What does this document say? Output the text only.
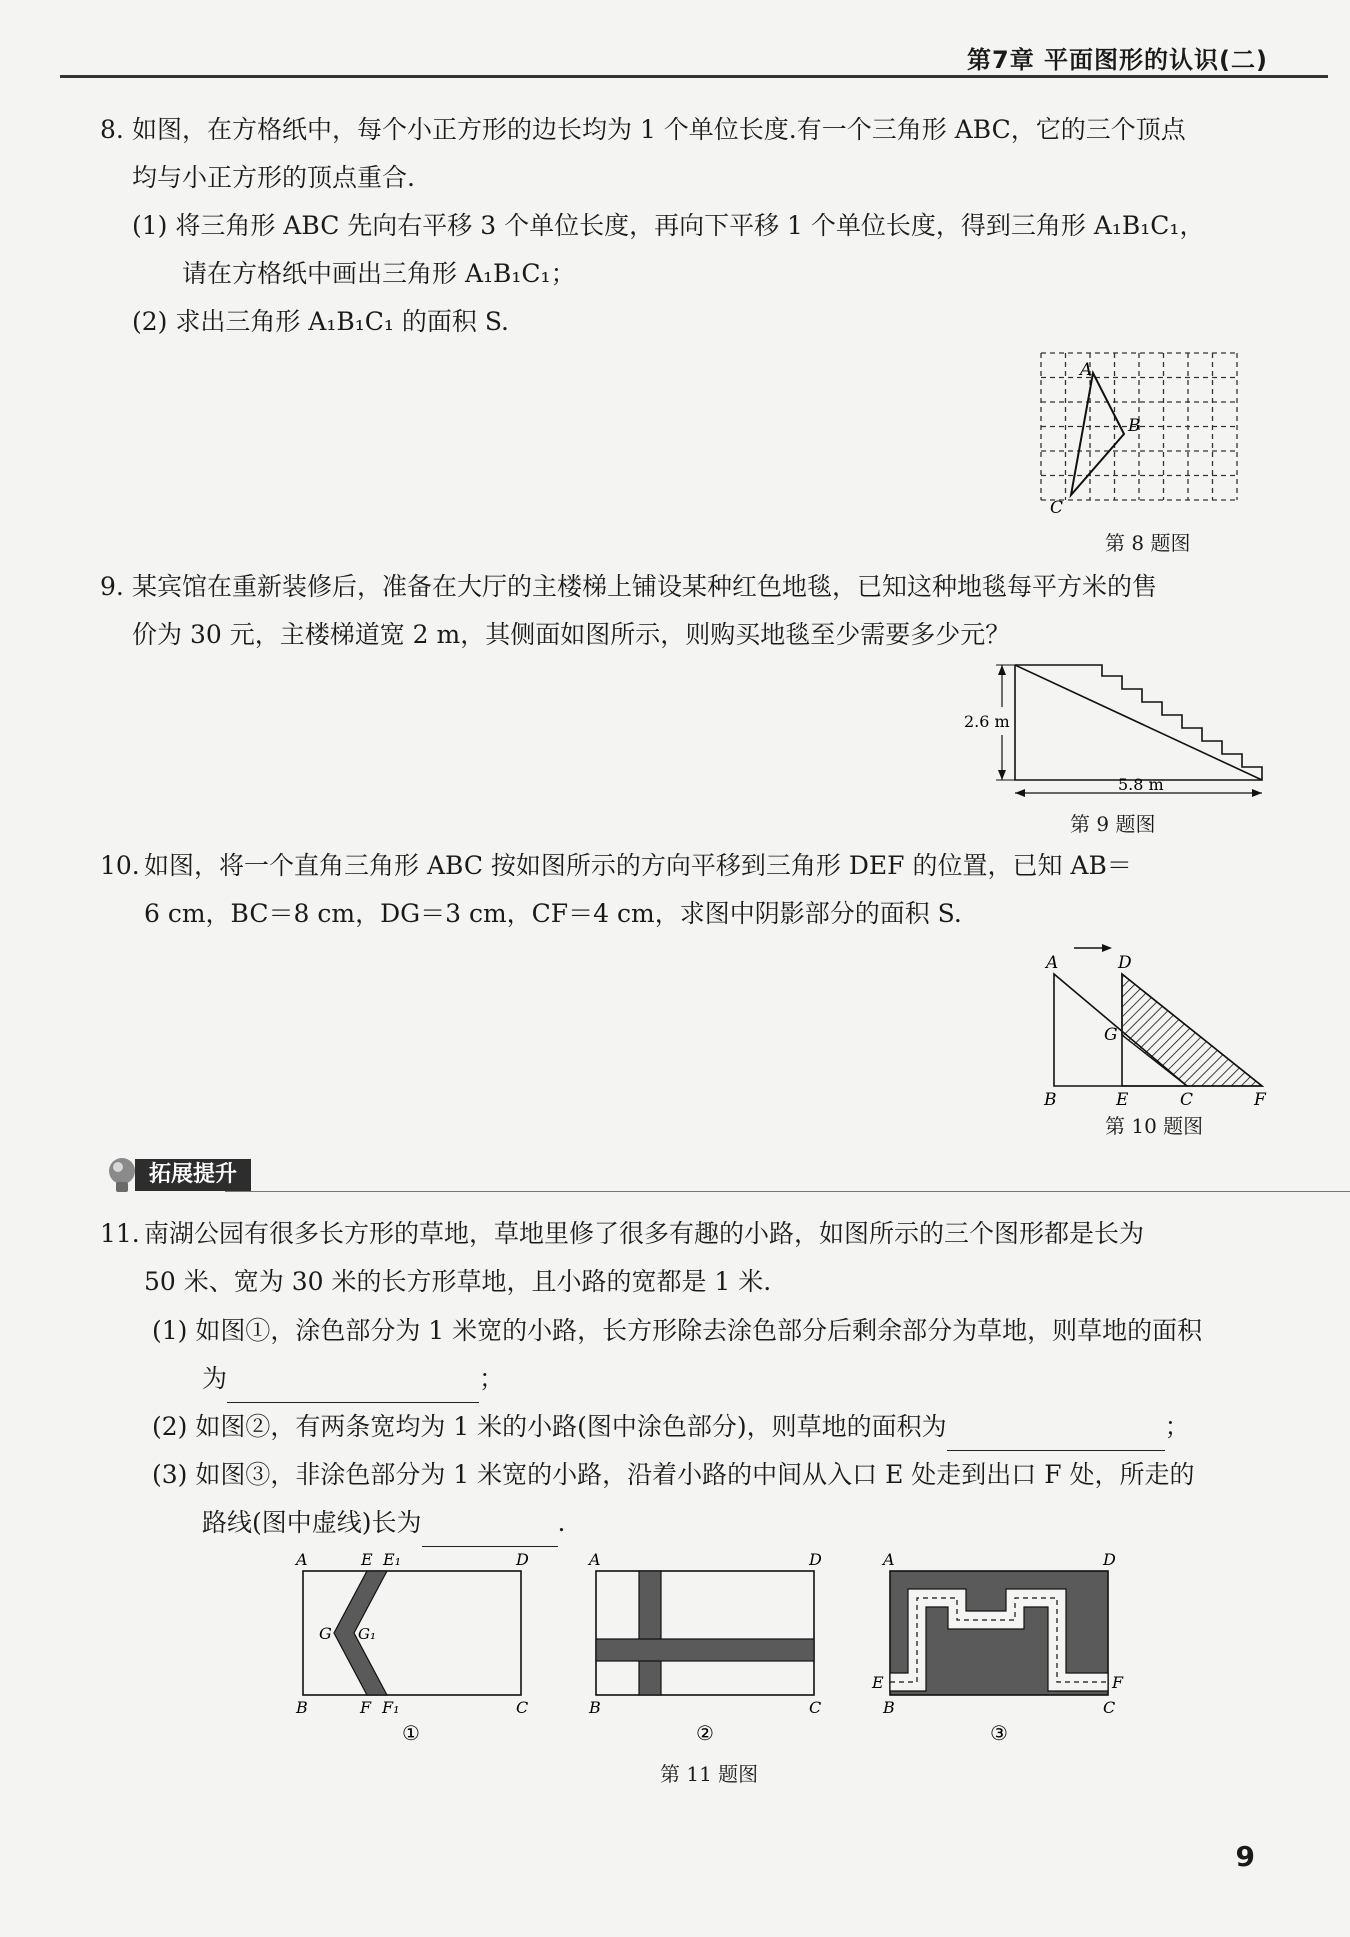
第7章 平面图形的认识(二)
8. 如图，在方格纸中，每个小正方形的边长均为 1 个单位长度.有一个三角形 ABC，它的三个顶点
均与小正方形的顶点重合.
(1) 将三角形 ABC 先向右平移 3 个单位长度，再向下平移 1 个单位长度，得到三角形 A₁B₁C₁，
请在方格纸中画出三角形 A₁B₁C₁；
(2) 求出三角形 A₁B₁C₁ 的面积 S.
A
B
C
第 8 题图
9. 某宾馆在重新装修后，准备在大厅的主楼梯上铺设某种红色地毯，已知这种地毯每平方米的售
价为 30 元，主楼梯道宽 2 m，其侧面如图所示，则购买地毯至少需要多少元？
2.6 m
5.8 m
第 9 题图
10. 如图，将一个直角三角形 ABC 按如图所示的方向平移到三角形 DEF 的位置，已知 AB＝
6 cm，BC＝8 cm，DG＝3 cm，CF＝4 cm，求图中阴影部分的面积 S.
A	D
G
B	E	C	F
第 10 题图
拓展提升
11. 南湖公园有很多长方形的草地，草地里修了很多有趣的小路，如图所示的三个图形都是长为
50 米、宽为 30 米的长方形草地，且小路的宽都是 1 米.
(1) 如图①，涂色部分为 1 米宽的小路，长方形除去涂色部分后剩余部分为草地，则草地的面积
为	；
(2) 如图②，有两条宽均为 1 米的小路(图中涂色部分)，则草地的面积为	；
(3) 如图③，非涂色部分为 1 米宽的小路，沿着小路的中间从入口 E 处走到出口 F 处，所走的
路线(图中虚线)长为	.
A	E E₁	D
G G₁
B	F F₁	C
①
A	D
B	C
②
A	D
E	F
B	C
③
第 11 题图
9
